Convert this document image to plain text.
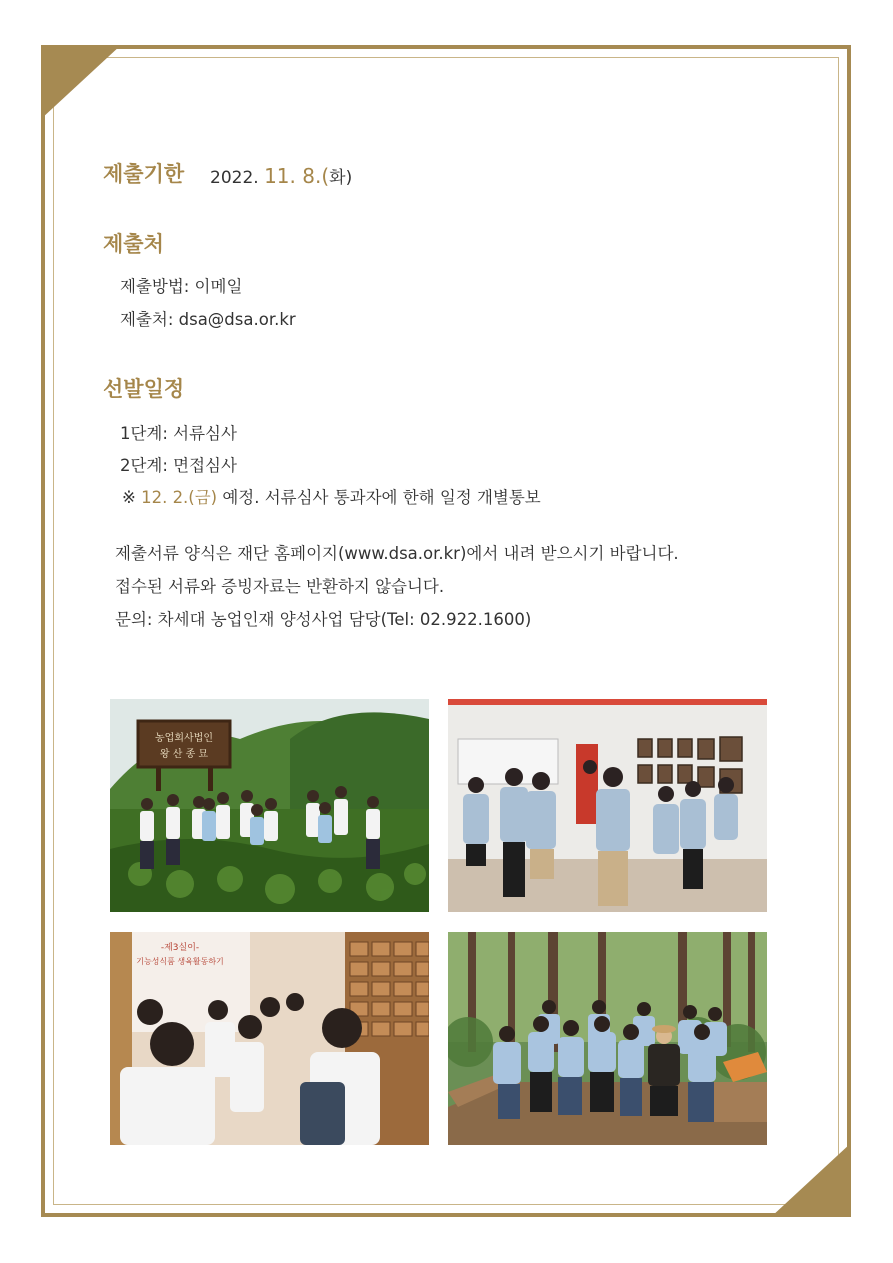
제출기한 2022. 11. 8.(화)
제출처
제출방법: 이메일
제출처: dsa@dsa.or.kr
선발일정
1단계: 서류심사
2단계: 면접심사
※ 12. 2.(금) 예정. 서류심사 통과자에 한해 일정 개별통보
제출서류 양식은 재단 홈페이지(www.dsa.or.kr)에서 내려 받으시기 바랍니다.
접수된 서류와 증빙자료는 반환하지 않습니다.
문의: 차세대 농업인재 양성사업 담당(Tel: 02.922.1600)
농업회사법인
왕 산 종 묘
-제3실이-
기능성식품 생육활동하기
